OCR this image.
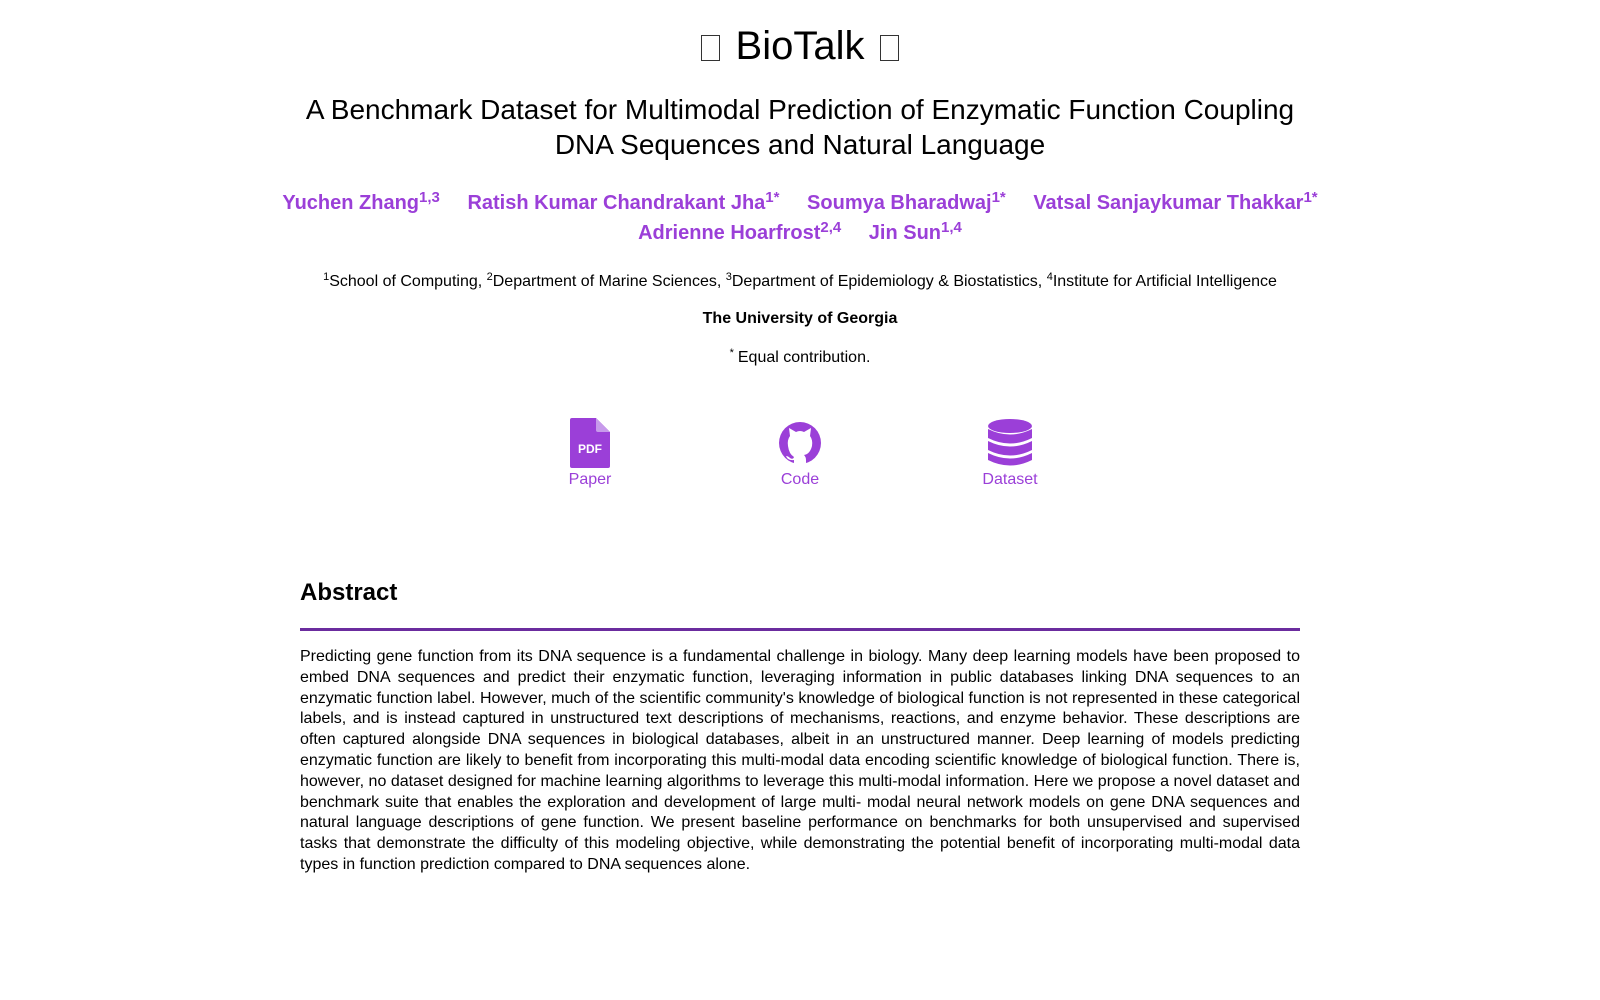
BioTalk
A Benchmark Dataset for Multimodal Prediction of Enzymatic Function Coupling DNA Sequences and Natural Language
Yuchen Zhang$^{1,3}$ Ratish Kumar Chandrakant Jha$^{1*}$ Soumya Bharadwaj$^{1*}$ Vatsal Sanjaykumar Thakkar$^{1*}$
Adrienne Hoarfrost$^{2,4}$ Jin Sun$^{1,4}$
$^1$School of Computing, $^2$Department of Marine Sciences, $^3$Department of Epidemiology & Biostatistics, $^4$Institute for Artificial Intelligence
The University of Georgia
* Equal contribution.
PDF
Paper	Code	Dataset
Abstract

Predicting gene function from its DNA sequence is a fundamental challenge in biology. Many deep learning models have been proposed to embed DNA sequences and predict their enzymatic function, leveraging information in public databases linking DNA sequences to an enzymatic function label. However, much of the scientific community's knowledge of biological function is not represented in these categorical labels, and is instead captured in unstructured text descriptions of mechanisms, reactions, and enzyme behavior. These descriptions are often captured alongside DNA sequences in biological databases, albeit in an unstructured manner. Deep learning of models predicting enzymatic function are likely to benefit from incorporating this multi-modal data encoding scientific knowledge of biological function. There is, however, no dataset designed for machine learning algorithms to leverage this multi-modal information. Here we propose a novel dataset and benchmark suite that enables the exploration and development of large multi- modal neural network models on gene DNA sequences and natural language descriptions of gene function. We present baseline performance on benchmarks for both unsupervised and supervised tasks that demonstrate the difficulty of this modeling objective, while demonstrating the potential benefit of incorporating multi-modal data types in function prediction compared to DNA sequences alone.
